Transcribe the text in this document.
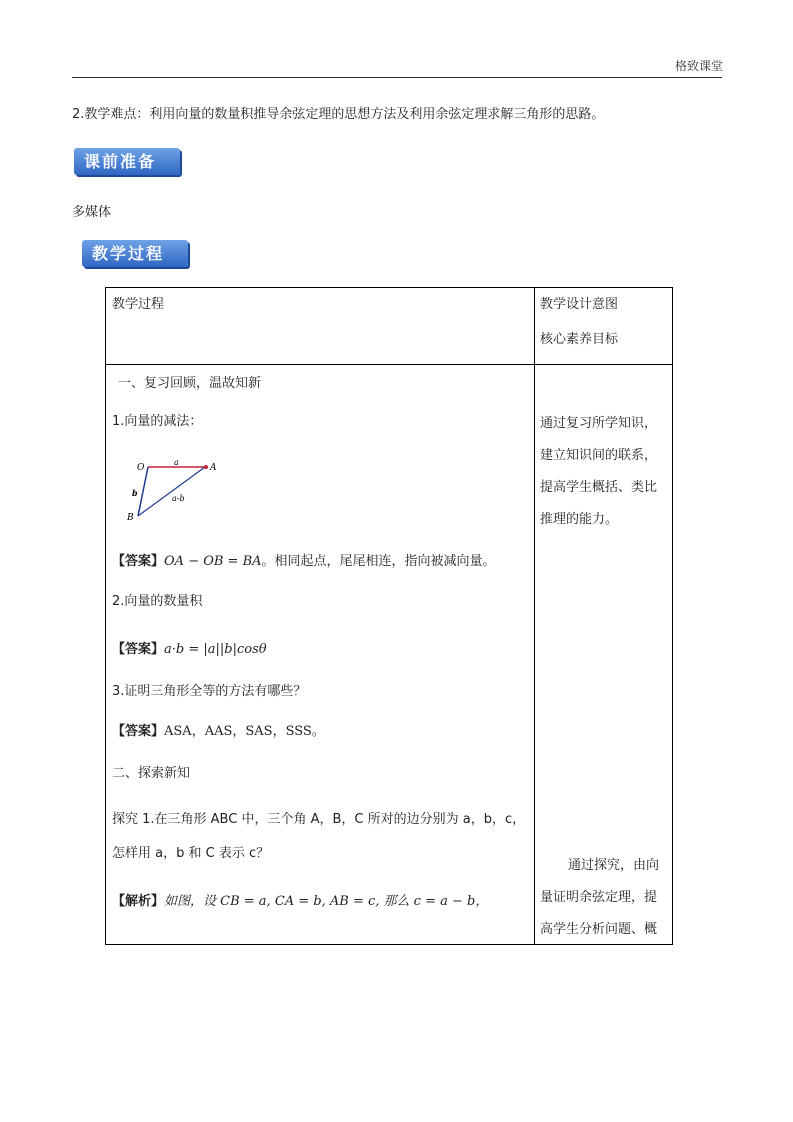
格致课堂
2.教学难点：利用向量的数量积推导余弦定理的思想方法及利用余弦定理求解三角形的思路。
课前准备
多媒体
教学过程
教学过程	教学设计意图
核心素养目标
一、复习回顾，温故知新
1.向量的减法：
O	A
B
a
b
a-b
【答案】OA − OB = BA。相同起点，尾尾相连，指向被减向量。
2.向量的数量积
【答案】a·b = |a||b|cosθ
3.证明三角形全等的方法有哪些？
【答案】ASA，AAS，SAS，SSS。
二、探索新知
探究 1.在三角形 ABC 中，三个角 A，B，C 所对的边分别为 a，b，c，
怎样用 a，b 和 C 表示 c？
【解析】如图，设 CB = a, CA = b, AB = c, 那么 c = a − b，
通过复习所学知识，建立知识间的联系，提高学生概括、类比推理的能力。
通过探究，由向量证明余弦定理，提高学生分析问题、概
